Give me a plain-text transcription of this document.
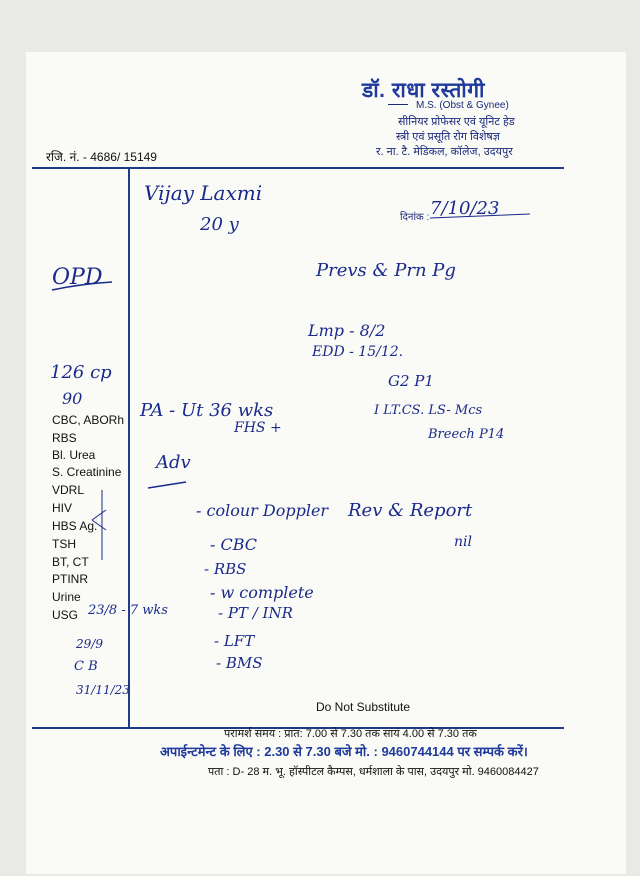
डॉ. राधा रस्तोगी
M.S. (Obst & Gynee)
सीनियर प्रोफेसर एवं यूनिट हेड
स्त्री एवं प्रसूति रोग विशेषज्ञ
र. ना. टै. मेडिकल, कॉलेज, उदयपुर
रजि. नं. - 4686/ 15149
दिनांक :
CBC, ABORh
RBS
Bl. Urea
S. Creatinine
VDRL
HIV
HBS Ag.
TSH
BT, CT
PTINR
Urine
USG
Vijay Laxmi
20 y
7/10/23
OPD	Prevs & Prn Pg
Lmp - 8/2
EDD - 15/12.
G2 P1
I LT.CS. LS- Mcs
Breech P14
126 cp
90
PA - Ut 36 wks
FHS +
Adv
- colour Doppler
- CBC
- RBS
- w complete
- PT / INR
- LFT
- BMS
Rev & Report
nil
23/8 - 7 wks
29/9
C B
31/11/23
Do Not Substitute
परामर्श समय : प्रात: 7.00 से 7.30 तक सायं 4.00 से 7.30 तक
अपाईन्टमेन्ट के लिए : 2.30 से 7.30 बजे मो. : 9460744144 पर सम्पर्क करें।
पता : D- 28 म. भू. हॉस्पीटल कैम्पस, धर्मशाला के पास, उदयपुर मो. 9460084427
